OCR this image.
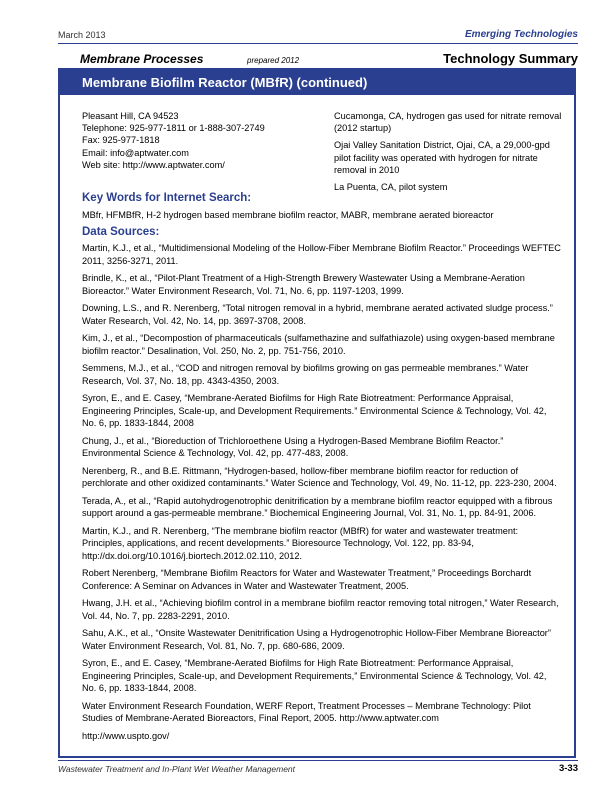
March 2013	Emerging Technologies
Membrane Processes	prepared 2012	Technology Summary
Membrane Biofilm Reactor (MBfR) (continued)
Pleasant Hill, CA 94523
Telephone: 925-977-1811 or 1-888-307-2749
Fax: 925-977-1818
Email: info@aptwater.com
Web site: http://www.aptwater.com/

Cucamonga, CA, hydrogen gas used for nitrate removal (2012 startup)

Ojai Valley Sanitation District, Ojai, CA, a 29,000-gpd pilot facility was operated with hydrogen for nitrate removal in 2010

La Puenta, CA, pilot system

Key Words for Internet Search:
MBfr, HFMBfR, H-2 hydrogen based membrane biofilm reactor, MABR, membrane aerated bioreactor
Data Sources:

Martin, K.J., et al., “Multidimensional Modeling of the Hollow-Fiber Membrane Biofilm Reactor.” Proceedings WEFTEC 2011, 3256-3271, 2011.

Brindle, K., et al., “Pilot-Plant Treatment of a High-Strength Brewery Wastewater Using a Membrane-Aeration Bioreactor.” Water Environment Research, Vol. 71, No. 6, pp. 1197-1203, 1999.

Downing, L.S., and R. Nerenberg, “Total nitrogen removal in a hybrid, membrane aerated activated sludge process.” Water Research, Vol. 42, No. 14, pp. 3697-3708, 2008.

Kim, J., et al., “Decompostion of pharmaceuticals (sulfamethazine and sulfathiazole) using oxygen-based membrane biofilm reactor.” Desalination, Vol. 250, No. 2, pp. 751-756, 2010.

Semmens, M.J., et al., “COD and nitrogen removal by biofilms growing on gas permeable membranes.” Water Research, Vol. 37, No. 18, pp. 4343-4350, 2003.

Syron, E., and E. Casey, “Membrane-Aerated Biofilms for High Rate Biotreatment: Performance Appraisal, Engineering Principles, Scale-up, and Development Requirements.” Environmental Science & Technology, Vol. 42, No. 6, pp. 1833-1844, 2008

Chung, J., et al., “Bioreduction of Trichloroethene Using a Hydrogen-Based Membrane Biofilm Reactor.” Environmental Science & Technology, Vol. 42, pp. 477-483, 2008.

Nerenberg, R., and B.E. Rittmann, “Hydrogen-based, hollow-fiber membrane biofilm reactor for reduction of perchlorate and other oxidized contaminants.” Water Science and Technology, Vol. 49, No. 11-12, pp. 223-230, 2004.

Terada, A., et al., “Rapid autohydrogenotrophic denitrification by a membrane biofilm reactor equipped with a fibrous support around a gas-permeable membrane.” Biochemical Engineering Journal, Vol. 31, No. 1, pp. 84-91, 2006.

Martin, K.J., and R. Nerenberg, “The membrane biofilm reactor (MBfR) for water and wastewater treatment: Principles, applications, and recent developments.” Bioresource Technology, Vol. 122, pp. 83-94, http://dx.doi.org/10.1016/j.biortech.2012.02.110, 2012.

Robert Nerenberg, “Membrane Biofilm Reactors for Water and Wastewater Treatment,” Proceedings Borchardt Conference: A Seminar on Advances in Water and Wastewater Treatment, 2005.

Hwang, J.H. et al., “Achieving biofilm control in a membrane biofilm reactor removing total nitrogen,” Water Research, Vol. 44, No. 7, pp. 2283-2291, 2010.

Sahu, A.K., et al., “Onsite Wastewater Denitrification Using a Hydrogenotrophic Hollow-Fiber Membrane Bioreactor” Water Environment Research, Vol. 81, No. 7, pp. 680-686, 2009.

Syron, E., and E. Casey, “Membrane-Aerated Biofilms for High Rate Biotreatment: Performance Appraisal, Engineering Principles, Scale-up, and Development Requirements,” Environmental Science & Technology, Vol. 42, No. 6, pp. 1833-1844, 2008.

Water Environment Research Foundation, WERF Report, Treatment Processes – Membrane Technology: Pilot Studies of Membrane-Aerated Bioreactors, Final Report, 2005. http://www.aptwater.com

http://www.uspto.gov/

Wastewater Treatment and In-Plant Wet Weather Management	3-33
